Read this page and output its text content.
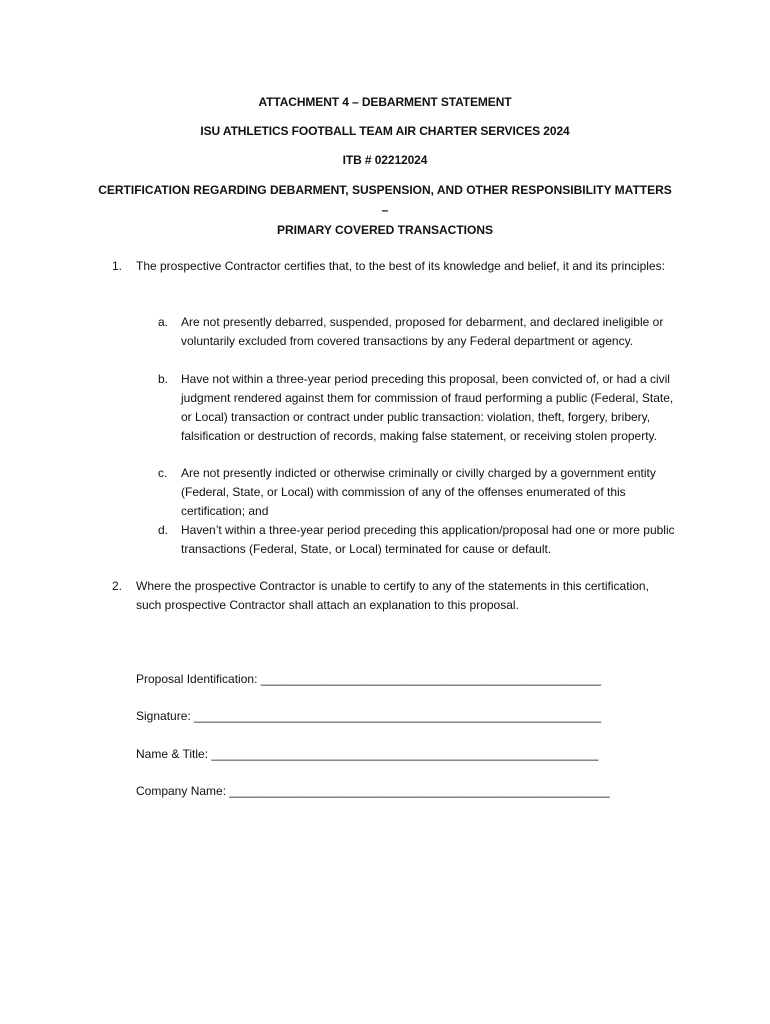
ATTACHMENT 4 – DEBARMENT STATEMENT
ISU ATHLETICS FOOTBALL TEAM AIR CHARTER SERVICES 2024
ITB # 02212024
CERTIFICATION REGARDING DEBARMENT, SUSPENSION, AND OTHER RESPONSIBILITY MATTERS –
PRIMARY COVERED TRANSACTIONS
1. The prospective Contractor certifies that, to the best of its knowledge and belief, it and its principles:
a. Are not presently debarred, suspended, proposed for debarment, and declared ineligible or voluntarily excluded from covered transactions by any Federal department or agency.
b. Have not within a three-year period preceding this proposal, been convicted of, or had a civil judgment rendered against them for commission of fraud performing a public (Federal, State, or Local) transaction or contract under public transaction: violation, theft, forgery, bribery, falsification or destruction of records, making false statement, or receiving stolen property.
c. Are not presently indicted or otherwise criminally or civilly charged by a government entity (Federal, State, or Local) with commission of any of the offenses enumerated of this certification; and
d. Haven’t within a three-year period preceding this application/proposal had one or more public transactions (Federal, State, or Local) terminated for cause or default.
2. Where the prospective Contractor is unable to certify to any of the statements in this certification, such prospective Contractor shall attach an explanation to this proposal.
Proposal Identification: ___________________________________________________
Signature: _____________________________________________________________
Name & Title: __________________________________________________________
Company Name: _________________________________________________________
